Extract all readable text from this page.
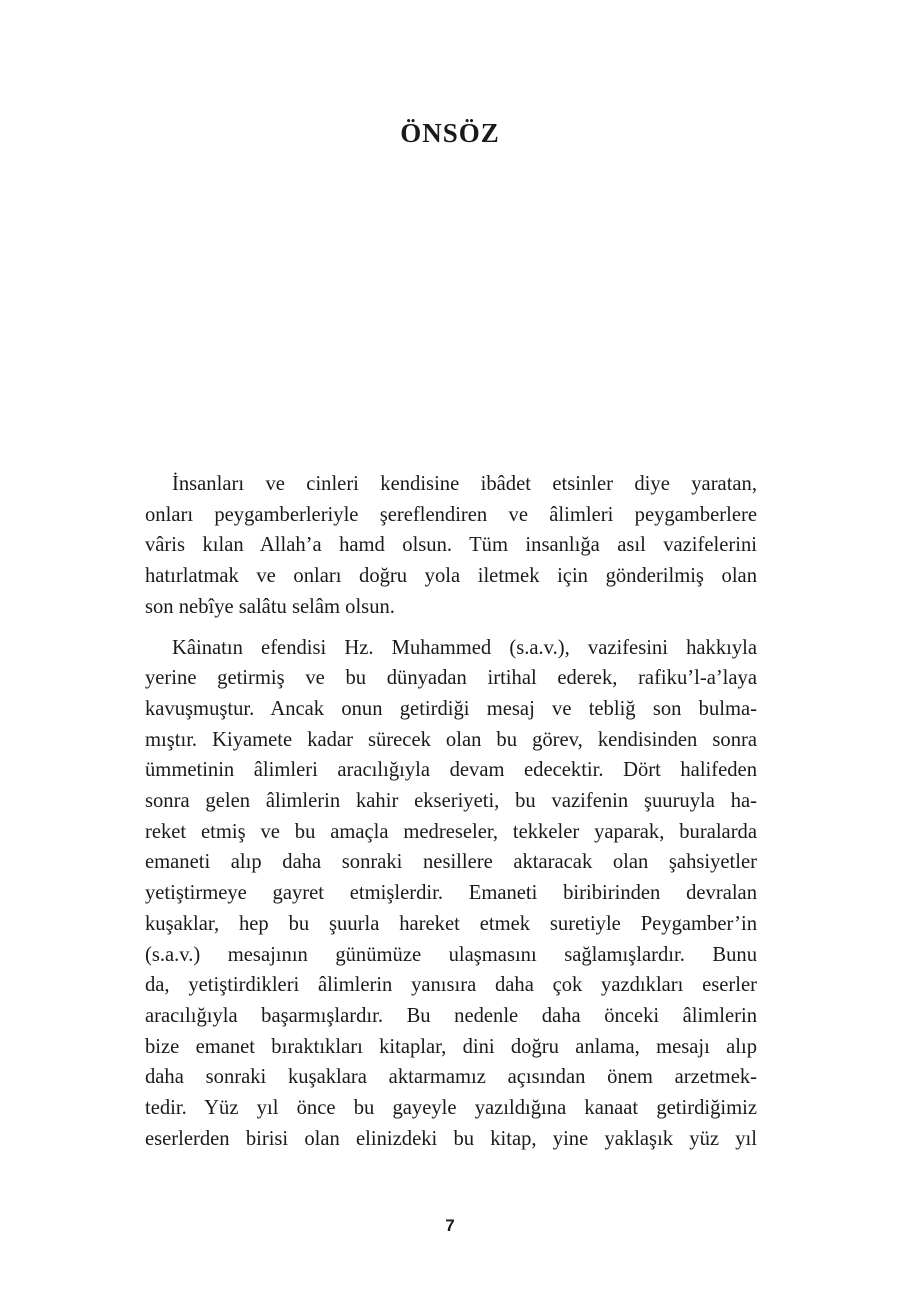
ÖNSÖZ

İnsanları ve cinleri kendisine ibâdet etsinler diye yaratan,
onları peygamberleriyle şereflendiren ve âlimleri peygamberlere
vâris kılan Allah’a hamd olsun. Tüm insanlığa asıl vazifelerini
hatırlatmak ve onları doğru yola iletmek için gönderilmiş olan
son nebîye salâtu selâm olsun.

Kâinatın efendisi Hz. Muhammed (s.a.v.), vazifesini hakkıyla
yerine getirmiş ve bu dünyadan irtihal ederek, rafiku’l-a’laya
kavuşmuştur. Ancak onun getirdiği mesaj ve tebliğ son bulma-
mıştır. Kiyamete kadar sürecek olan bu görev, kendisinden sonra
ümmetinin âlimleri aracılığıyla devam edecektir. Dört halifeden
sonra gelen âlimlerin kahir ekseriyeti, bu vazifenin şuuruyla ha-
reket etmiş ve bu amaçla medreseler, tekkeler yaparak, buralarda
emaneti alıp daha sonraki nesillere aktaracak olan şahsiyetler
yetiştirmeye gayret etmişlerdir. Emaneti biribirinden devralan
kuşaklar, hep bu şuurla hareket etmek suretiyle Peygamber’in
(s.a.v.) mesajının günümüze ulaşmasını sağlamışlardır. Bunu
da, yetiştirdikleri âlimlerin yanısıra daha çok yazdıkları eserler
aracılığıyla başarmışlardır. Bu nedenle daha önceki âlimlerin
bize emanet bıraktıkları kitaplar, dini doğru anlama, mesajı alıp
daha sonraki kuşaklara aktarmamız açısından önem arzetmek-
tedir. Yüz yıl önce bu gayeyle yazıldığına kanaat getirdiğimiz
eserlerden birisi olan elinizdeki bu kitap, yine yaklaşık yüz yıl

7
